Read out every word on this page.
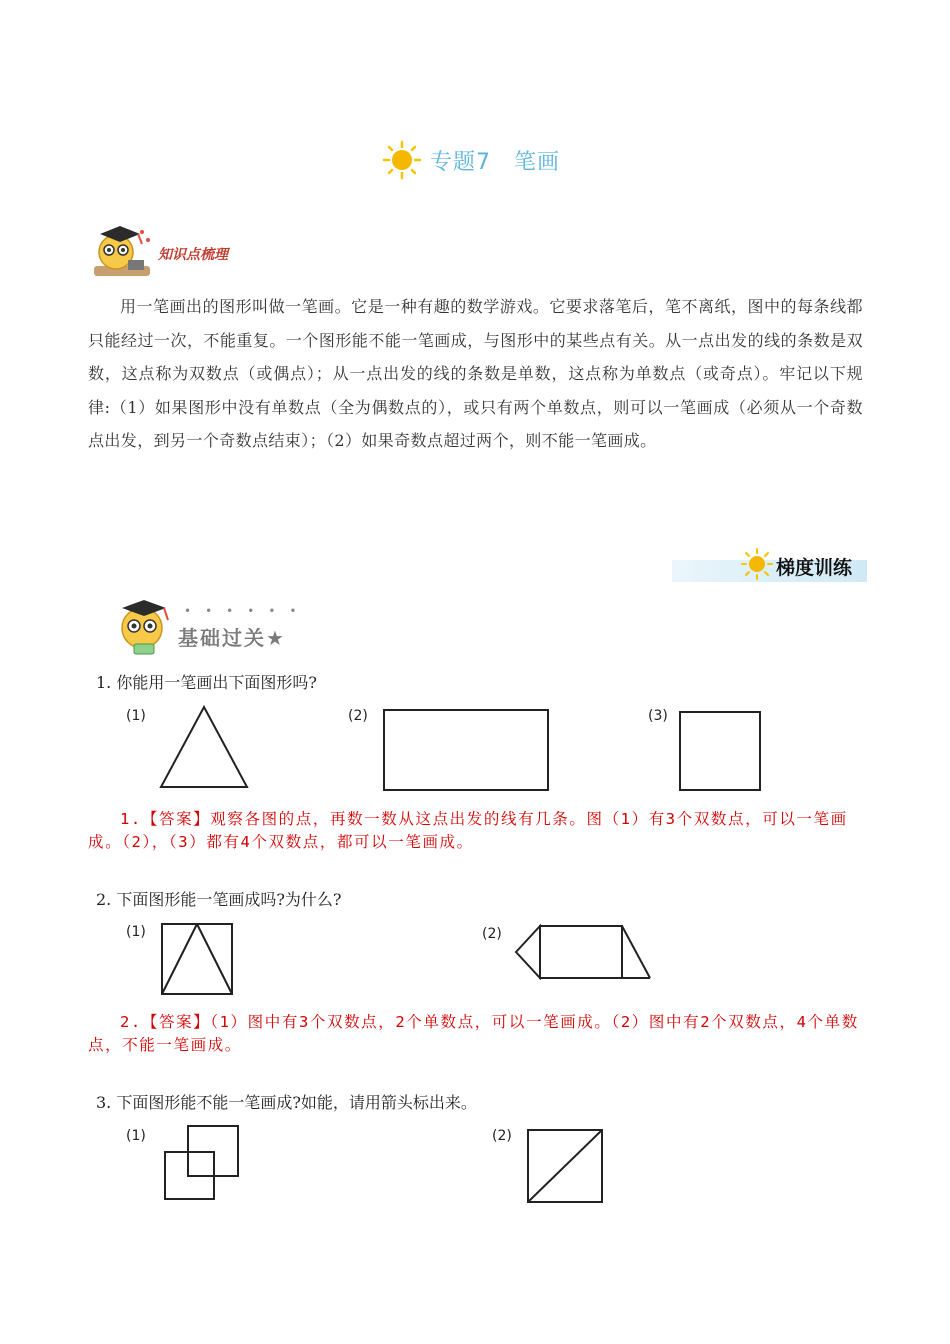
专题7　笔画
知识点梳理
用一笔画出的图形叫做一笔画。它是一种有趣的数学游戏。它要求落笔后，笔不离纸，图中的每条线都只能经过一次，不能重复。一个图形能不能一笔画成，与图形中的某些点有关。从一点出发的线的条数是双数，这点称为双数点（或偶点）；从一点出发的线的条数是单数，这点称为单数点（或奇点）。牢记以下规律:（1）如果图形中没有单数点（全为偶数点的），或只有两个单数点，则可以一笔画成（必须从一个奇数点出发，到另一个奇数点结束）；（2）如果奇数点超过两个，则不能一笔画成。
梯度训练
••••••
基础过关★
1. 你能用一笔画出下面图形吗?
(1)	(2)	(3)
1.【答案】观察各图的点，再数一数从这点出发的线有几条。图（1）有3个双数点，可以一笔画成。（2），（3）都有4个双数点，都可以一笔画成。
2. 下面图形能一笔画成吗?为什么?
(1)	(2)
2.【答案】（1）图中有3个双数点，2个单数点，可以一笔画成。（2）图中有2个双数点，4个单数点，不能一笔画成。
3. 下面图形能不能一笔画成?如能，请用箭头标出来。
(1)	(2)
